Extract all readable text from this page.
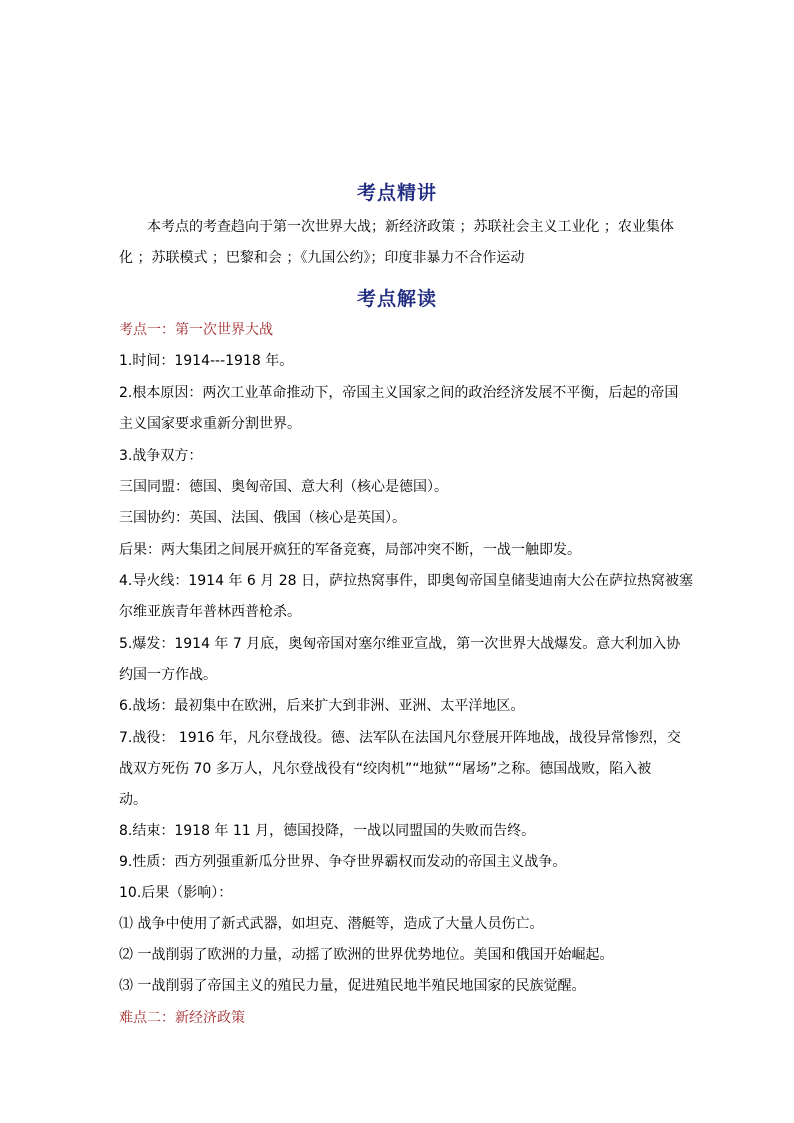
考点精讲
本考点的考查趋向于第一次世界大战；新经济政策 ；苏联社会主义工业化 ；农业集体
化 ；苏联模式 ；巴黎和会 ；《九国公约》；印度非暴力不合作运动
考点解读
考点一：第一次世界大战
1.时间：1914---1918 年。
2.根本原因：两次工业革命推动下，帝国主义国家之间的政治经济发展不平衡，后起的帝国
主义国家要求重新分割世界。
3.战争双方：
三国同盟：德国、奥匈帝国、意大利（核心是德国）。
三国协约：英国、法国、俄国（核心是英国）。
后果：两大集团之间展开疯狂的军备竞赛，局部冲突不断，一战一触即发。
4.导火线：1914 年 6 月 28 日，萨拉热窝事件，即奥匈帝国皇储斐迪南大公在萨拉热窝被塞
尔维亚族青年普林西普枪杀。
5.爆发：1914 年 7 月底，奥匈帝国对塞尔维亚宣战，第一次世界大战爆发。意大利加入协
约国一方作战。
6.战场：最初集中在欧洲，后来扩大到非洲、亚洲、太平洋地区。
7.战役： 1916 年，凡尔登战役。德、法军队在法国凡尔登展开阵地战，战役异常惨烈，交
战双方死伤 70 多万人，凡尔登战役有“绞肉机”“地狱”“屠场”之称。德国战败，陷入被
动。
8.结束：1918 年 11 月，德国投降，一战以同盟国的失败而告终。
9.性质：西方列强重新瓜分世界、争夺世界霸权而发动的帝国主义战争。
10.后果（影响）：
⑴ 战争中使用了新式武器，如坦克、潜艇等，造成了大量人员伤亡。
⑵ 一战削弱了欧洲的力量，动摇了欧洲的世界优势地位。美国和俄国开始崛起。
⑶ 一战削弱了帝国主义的殖民力量，促进殖民地半殖民地国家的民族觉醒。
难点二：新经济政策
